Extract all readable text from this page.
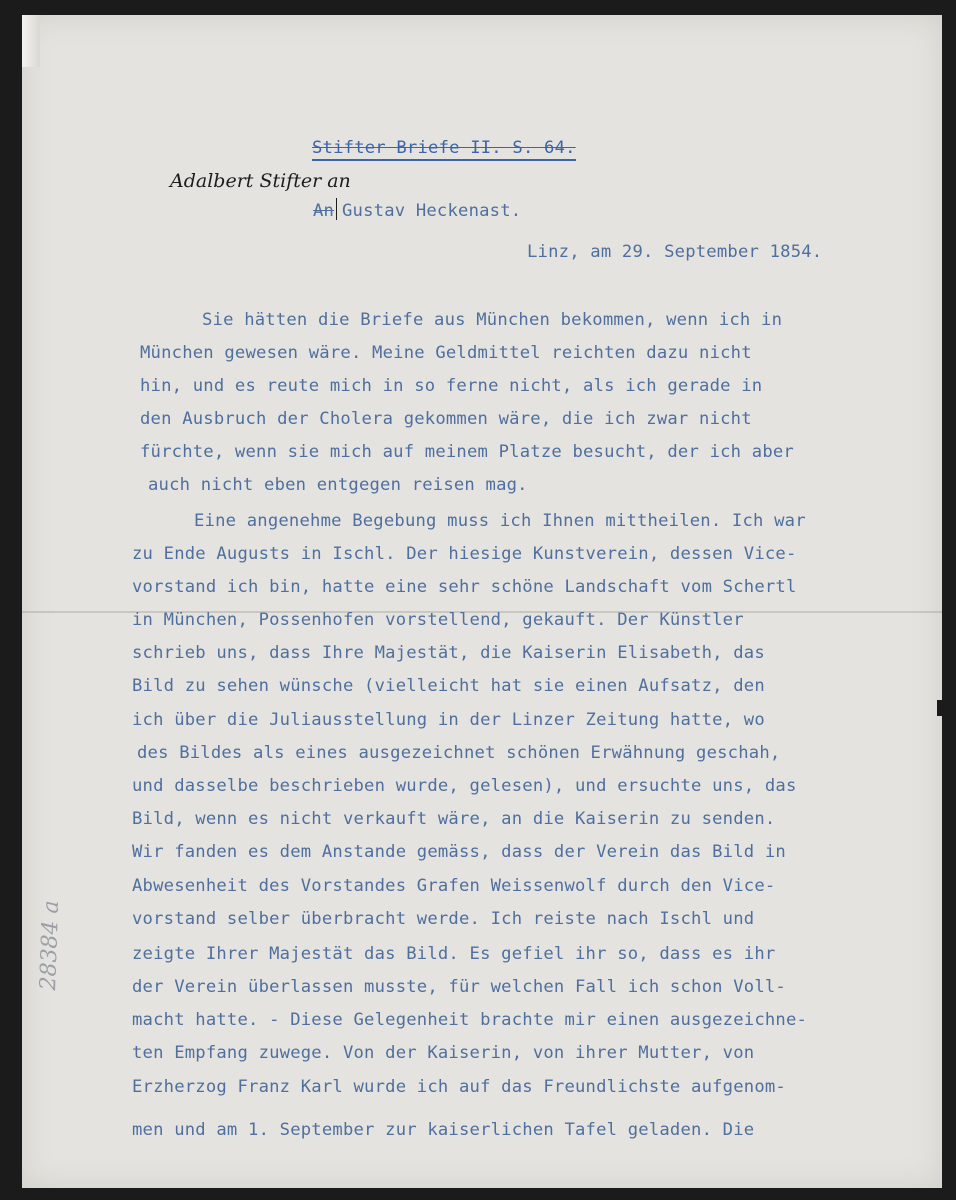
Stifter Briefe II. S. 64.
Adalbert Stifter an
An Gustav Heckenast.
Linz, am 29. September 1854.
Sie hätten die Briefe aus München bekommen, wenn ich in
München gewesen wäre. Meine Geldmittel reichten dazu nicht
hin, und es reute mich in so ferne nicht, als ich gerade in
den Ausbruch der Cholera gekommen wäre, die ich zwar nicht
fürchte, wenn sie mich auf meinem Platze besucht, der ich aber
auch nicht eben entgegen reisen mag.
Eine angenehme Begebung muss ich Ihnen mittheilen. Ich war
zu Ende Augusts in Ischl. Der hiesige Kunstverein, dessen Vice-
vorstand ich bin, hatte eine sehr schöne Landschaft vom Schertl
in München, Possenhofen vorstellend, gekauft. Der Künstler
schrieb uns, dass Ihre Majestät, die Kaiserin Elisabeth, das
Bild zu sehen wünsche (vielleicht hat sie einen Aufsatz, den
ich über die Juliausstellung in der Linzer Zeitung hatte, wo
des Bildes als eines ausgezeichnet schönen Erwähnung geschah,
und dasselbe beschrieben wurde, gelesen), und ersuchte uns, das
Bild, wenn es nicht verkauft wäre, an die Kaiserin zu senden.
Wir fanden es dem Anstande gemäss, dass der Verein das Bild in
Abwesenheit des Vorstandes Grafen Weissenwolf durch den Vice-
vorstand selber überbracht werde. Ich reiste nach Ischl und
zeigte Ihrer Majestät das Bild. Es gefiel ihr so, dass es ihr
der Verein überlassen musste, für welchen Fall ich schon Voll-
macht hatte. - Diese Gelegenheit brachte mir einen ausgezeichne-
ten Empfang zuwege. Von der Kaiserin, von ihrer Mutter, von
Erzherzog Franz Karl wurde ich auf das Freundlichste aufgenom-
men und am 1. September zur kaiserlichen Tafel geladen. Die
28384 a
